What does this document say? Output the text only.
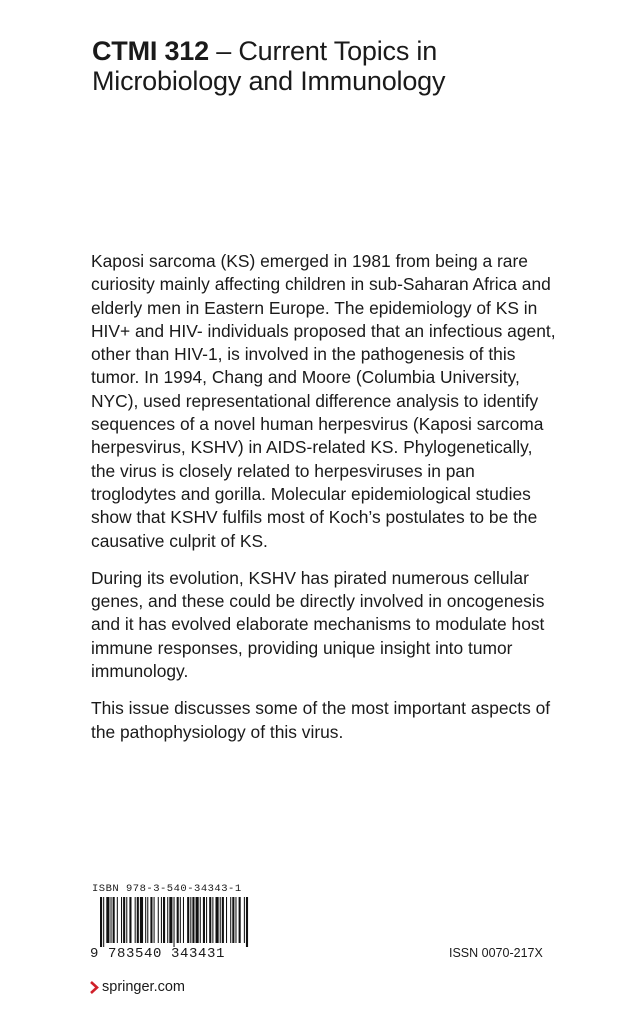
CTMI 312 – Current Topics in
Microbiology and Immunology

Kaposi sarcoma (KS) emerged in 1981 from being a rare curiosity mainly affecting children in sub-Saharan Africa and elderly men in Eastern Europe. The epidemiology of KS in HIV+ and HIV- individuals proposed that an infectious agent, other than HIV-1, is involved in the pathogenesis of this tumor. In 1994, Chang and Moore (Columbia University, NYC), used representational difference analysis to identify sequences of a novel human herpesvirus (Kaposi sarcoma herpesvirus, KSHV) in AIDS-related KS. Phylogenetically, the virus is closely related to herpesviruses in pan troglodytes and gorilla. Molecular epidemiological studies show that KSHV fulfils most of Koch’s postulates to be the causative culprit of KS.

During its evolution, KSHV has pirated numerous cellular genes, and these could be directly involved in oncogenesis and it has evolved elaborate mechanisms to modulate host immune responses, providing unique insight into tumor immunology.

This issue discusses some of the most important aspects of the pathophysiology of this virus.

ISBN 978-3-540-34343-1
9 783540 343431	ISSN 0070-217X
springer.com
